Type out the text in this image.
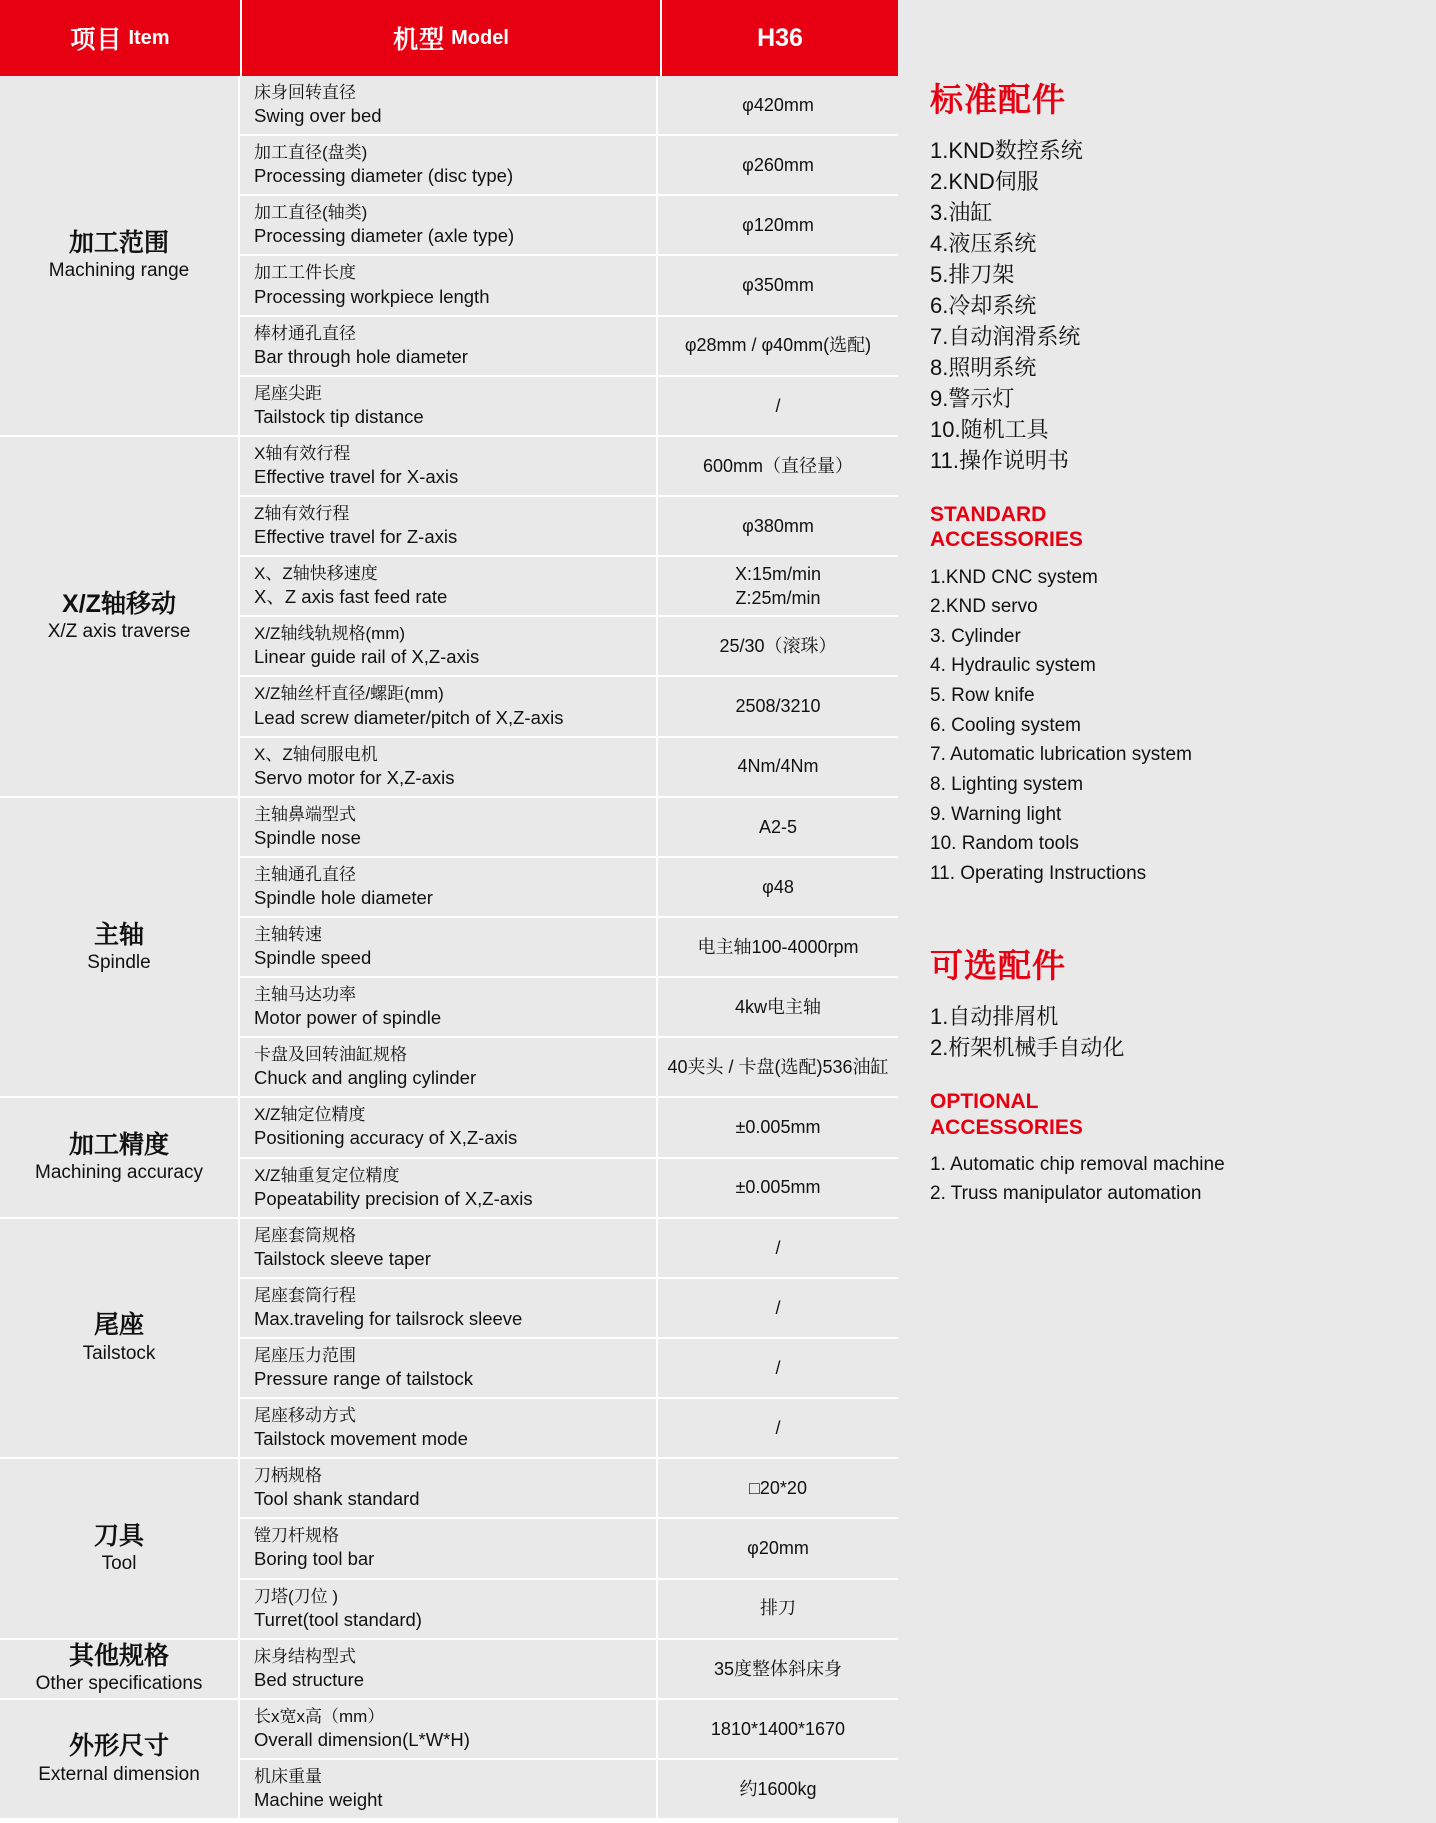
项目 Item	机型 Model	H36
加工范围
Machining range
床身回转直径
Swing over bed
φ420mm
加工直径(盘类)
Processing diameter (disc type)
φ260mm
加工直径(轴类)
Processing diameter (axle type)
φ120mm
加工工件长度
Processing workpiece length
φ350mm
棒材通孔直径
Bar through hole diameter
φ28mm / φ40mm(选配)
尾座尖距
Tailstock tip distance
/
X/Z轴移动
X/Z axis traverse
X轴有效行程
Effective travel for X-axis
600mm（直径量）
Z轴有效行程
Effective travel for Z-axis
φ380mm
X、Z轴快移速度
X、Z axis fast feed rate
X:15m/min
Z:25m/min
X/Z轴线轨规格(mm)
Linear guide rail of X,Z-axis
25/30（滚珠）
X/Z轴丝杆直径/螺距(mm)
Lead screw diameter/pitch of X,Z-axis
2508/3210
X、Z轴伺服电机
Servo motor for X,Z-axis
4Nm/4Nm
主轴
Spindle
主轴鼻端型式
Spindle nose
A2-5
主轴通孔直径
Spindle hole diameter
φ48
主轴转速
Spindle speed
电主轴100-4000rpm
主轴马达功率
Motor power of spindle
4kw电主轴
卡盘及回转油缸规格
Chuck and angling cylinder
40夹头 / 卡盘(选配)536油缸
加工精度
Machining accuracy
X/Z轴定位精度
Positioning accuracy of X,Z-axis
±0.005mm
X/Z轴重复定位精度
Popeatability precision of X,Z-axis
±0.005mm
尾座
Tailstock
尾座套筒规格
Tailstock sleeve taper
/
尾座套筒行程
Max.traveling for tailsrock sleeve
/
尾座压力范围
Pressure range of tailstock
/
尾座移动方式
Tailstock movement mode
/
刀具
Tool
刀柄规格
Tool shank standard
□20*20
镗刀杆规格
Boring tool bar
φ20mm
刀塔(刀位 )
Turret(tool standard)
排刀
其他规格
Other specifications
床身结构型式
Bed structure
35度整体斜床身
外形尺寸
External dimension
长x宽x高（mm）
Overall dimension(L*W*H)
1810*1400*1670
机床重量
Machine weight
约1600kg
标准配件
1.KND数控系统
2.KND伺服
3.油缸
4.液压系统
5.排刀架
6.冷却系统
7.自动润滑系统
8.照明系统
9.警示灯
10.随机工具
11.操作说明书
STANDARD
ACCESSORIES
1.KND CNC system
2.KND servo
3. Cylinder
4. Hydraulic system
5. Row knife
6. Cooling system
7. Automatic lubrication system
8. Lighting system
9. Warning light
10. Random tools
11. Operating Instructions
可选配件
1.自动排屑机
2.桁架机械手自动化
OPTIONAL
ACCESSORIES
1. Automatic chip removal machine
2. Truss manipulator automation
